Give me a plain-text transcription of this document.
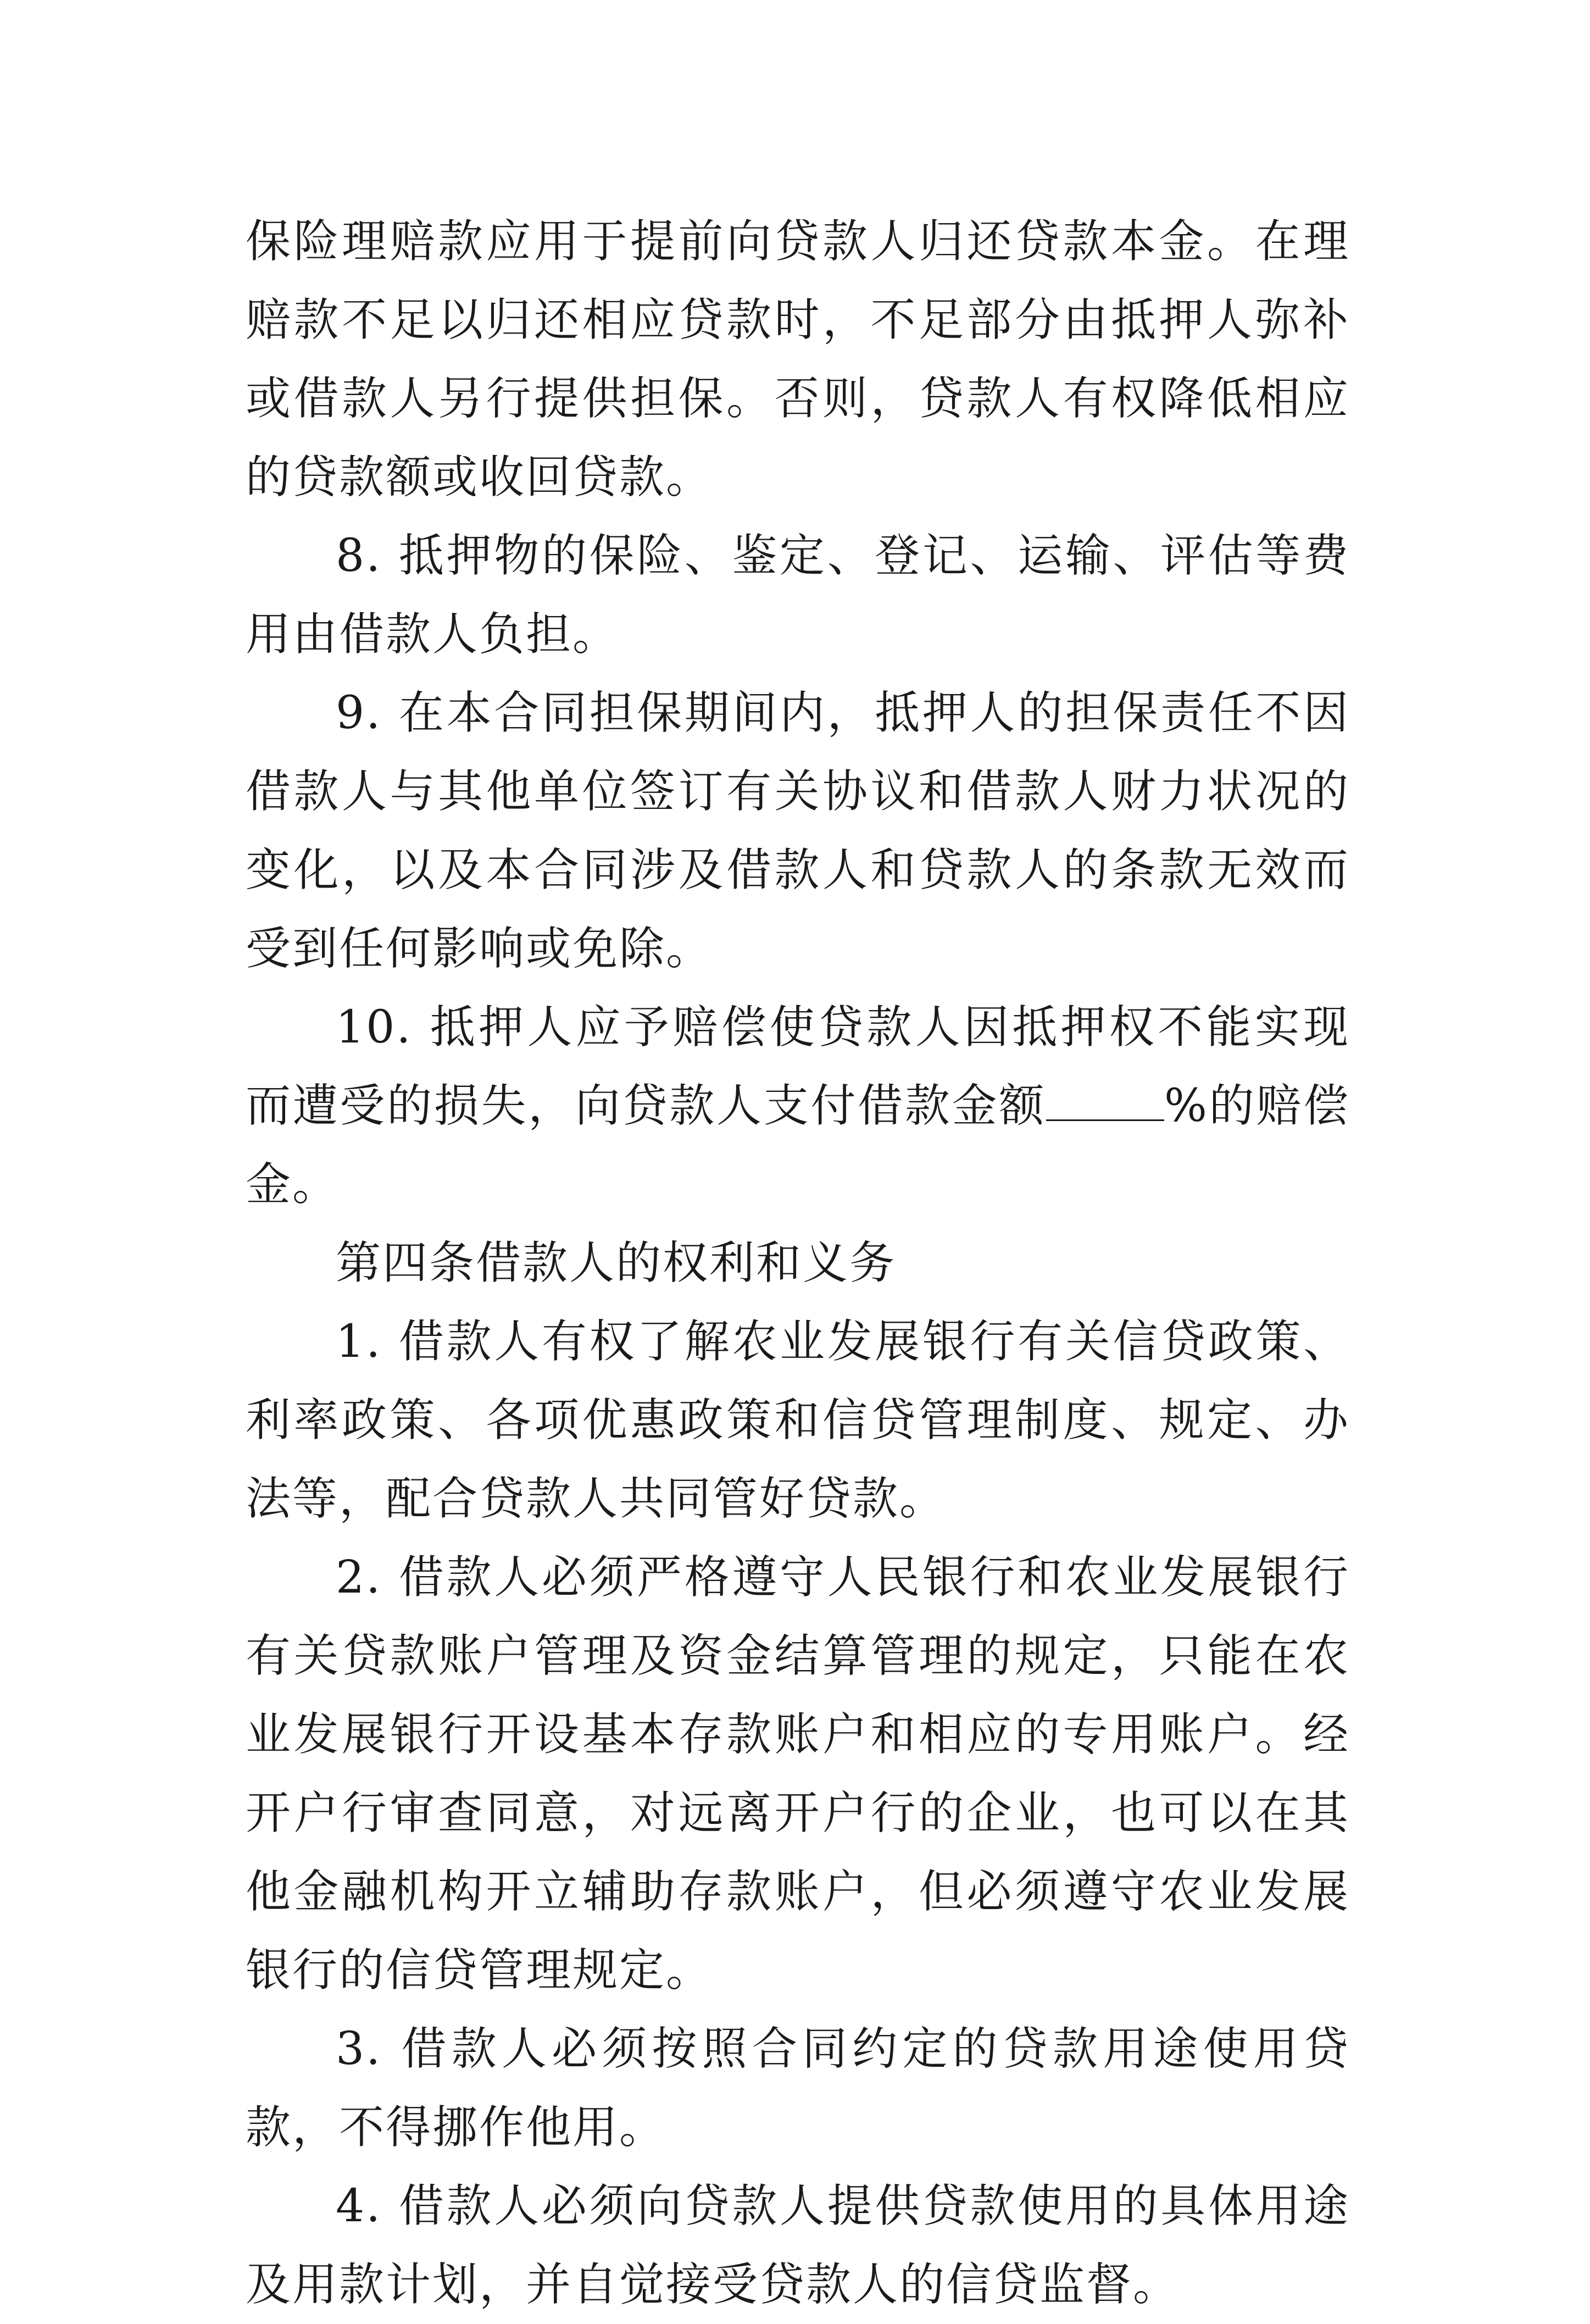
保险理赔款应用于提前向贷款人归还贷款本金。在理赔款不足以归还相应贷款时，不足部分由抵押人弥补或借款人另行提供担保。否则，贷款人有权降低相应的贷款额或收回贷款。

8. 抵押物的保险、鉴定、登记、运输、评估等费用由借款人负担。

9. 在本合同担保期间内，抵押人的担保责任不因借款人与其他单位签订有关协议和借款人财力状况的变化，以及本合同涉及借款人和贷款人的条款无效而受到任何影响或免除。

10. 抵押人应予赔偿使贷款人因抵押权不能实现而遭受的损失，向贷款人支付借款金额	%的赔偿金。

第四条借款人的权利和义务

1. 借款人有权了解农业发展银行有关信贷政策、利率政策、各项优惠政策和信贷管理制度、规定、办法等，配合贷款人共同管好贷款。

2. 借款人必须严格遵守人民银行和农业发展银行有关贷款账户管理及资金结算管理的规定，只能在农业发展银行开设基本存款账户和相应的专用账户。经开户行审查同意，对远离开户行的企业，也可以在其他金融机构开立辅助存款账户，但必须遵守农业发展银行的信贷管理规定。

3. 借款人必须按照合同约定的贷款用途使用贷款，不得挪作他用。

4. 借款人必须向贷款人提供贷款使用的具体用途及用款计划，并自觉接受贷款人的信贷监督。
